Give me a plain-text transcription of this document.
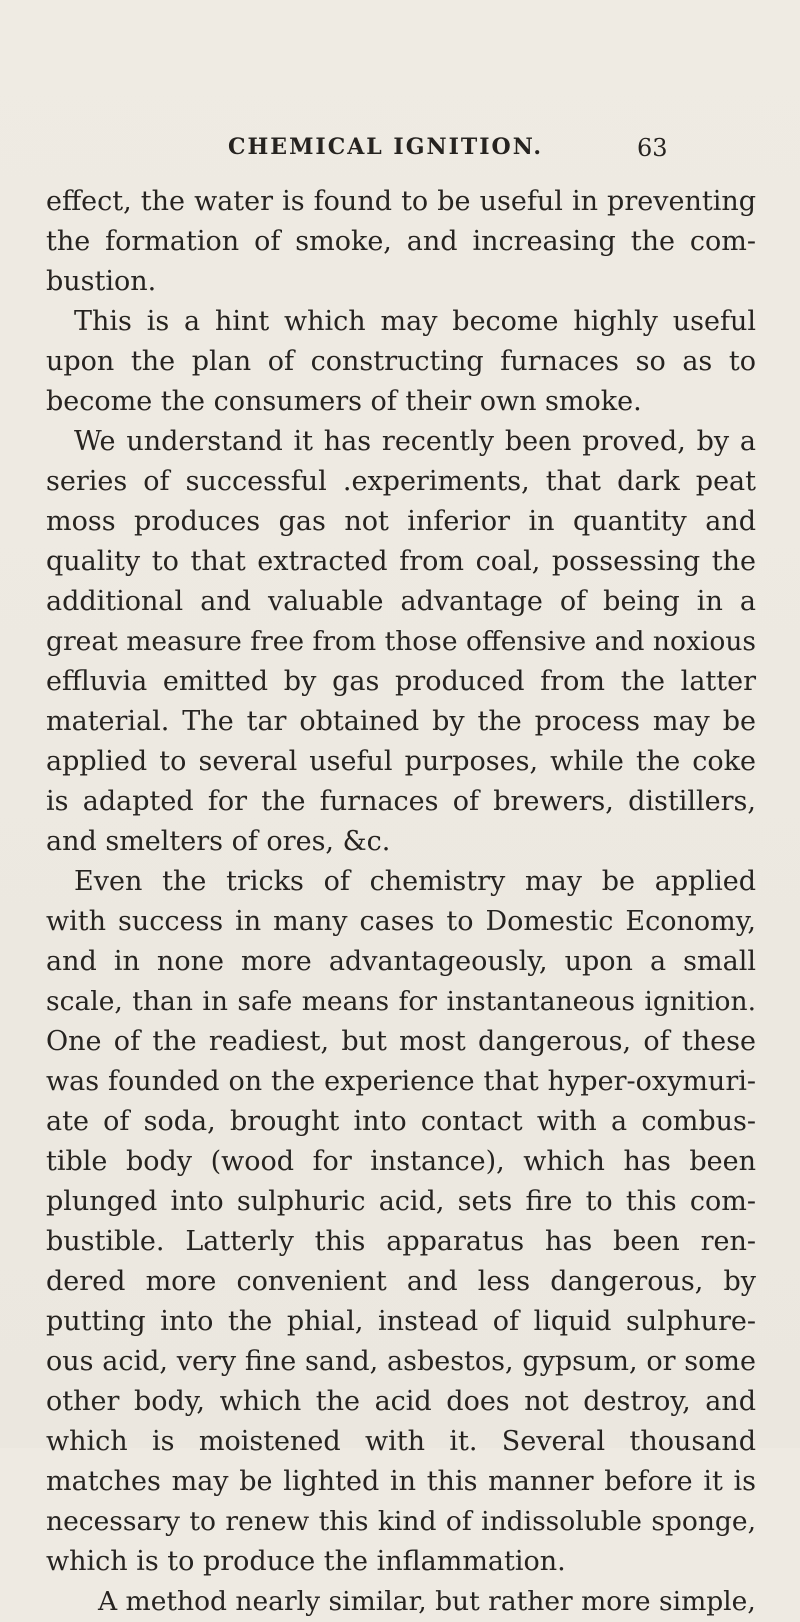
CHEMICAL IGNITION.	63
effect, the water is found to be useful in preventing
the formation of smoke, and increasing the com-
bustion.
This is a hint which may become highly useful
upon the plan of constructing furnaces so as to
become the consumers of their own smoke.
We understand it has recently been proved, by a
series of successful .experiments, that dark peat
moss produces gas not inferior in quantity and
quality to that extracted from coal, possessing the
additional and valuable advantage of being in a
great measure free from those offensive and noxious
effluvia emitted by gas produced from the latter
material. The tar obtained by the process may be
applied to several useful purposes, while the coke
is adapted for the furnaces of brewers, distillers,
and smelters of ores, &c.
Even the tricks of chemistry may be applied
with success in many cases to Domestic Economy,
and in none more advantageously, upon a small
scale, than in safe means for instantaneous ignition.
One of the readiest, but most dangerous, of these
was founded on the experience that hyper-oxymuri-
ate of soda, brought into contact with a combus-
tible body (wood for instance), which has been
plunged into sulphuric acid, sets fire to this com-
bustible. Latterly this apparatus has been ren-
dered more convenient and less dangerous, by
putting into the phial, instead of liquid sulphure-
ous acid, very fine sand, asbestos, gypsum, or some
other body, which the acid does not destroy, and
which is moistened with it. Several thousand
matches may be lighted in this manner before it is
necessary to renew this kind of indissoluble sponge,
which is to produce the inflammation.
A method nearly similar, but rather more simple,
